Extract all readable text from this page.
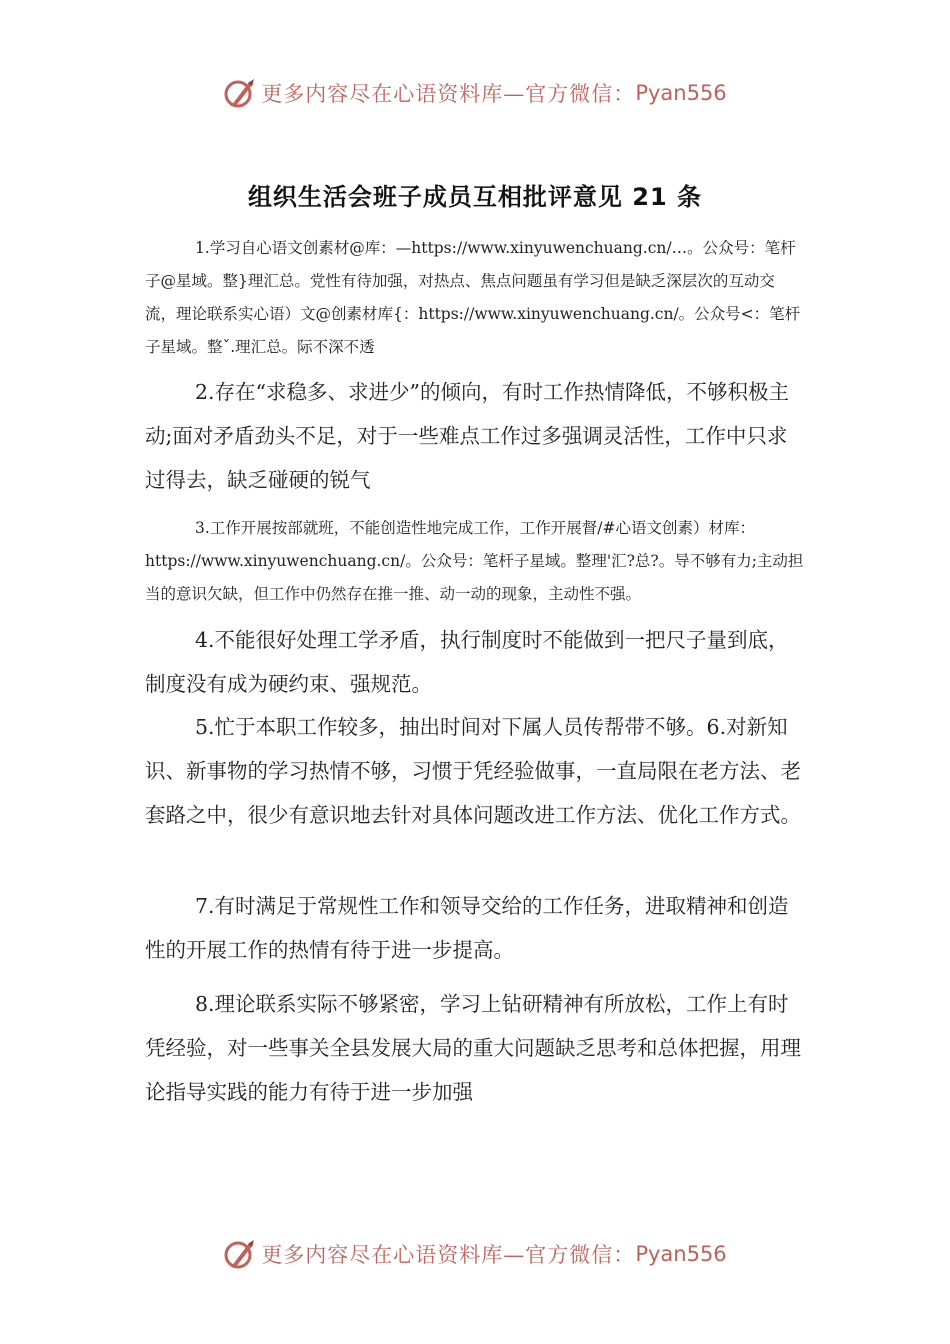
更多内容尽在心语资料库—官方微信： Pyan556
组织生活会班子成员互相批评意见 21 条

1.学习自心语文创素材@库：—https://www.xinyuwenchuang.cn/…。公众号：笔杆子@星域。整}理汇总。党性有待加强，对热点、焦点问题虽有学习但是缺乏深层次的互动交流，理论联系实心语）文@创素材库{：https://www.xinyuwenchuang.cn/。公众号<：笔杆子星域。整ˇ.理汇总。际不深不透

2.存在“求稳多、求进少”的倾向，有时工作热情降低，不够积极主动;面对矛盾劲头不足，对于一些难点工作过多强调灵活性，工作中只求过得去，缺乏碰硬的锐气

3.工作开展按部就班，不能创造性地完成工作，工作开展督/#心语文创素）材库：https://www.xinyuwenchuang.cn/。公众号：笔杆子星域。整理'汇?总?。导不够有力;主动担当的意识欠缺，但工作中仍然存在推一推、动一动的现象，主动性不强。

4.不能很好处理工学矛盾，执行制度时不能做到一把尺子量到底，制度没有成为硬约束、强规范。

5.忙于本职工作较多，抽出时间对下属人员传帮带不够。6.对新知识、新事物的学习热情不够，习惯于凭经验做事，一直局限在老方法、老套路之中，很少有意识地去针对具体问题改进工作方法、优化工作方式。

7.有时满足于常规性工作和领导交给的工作任务，进取精神和创造性的开展工作的热情有待于进一步提高。

8.理论联系实际不够紧密，学习上钻研精神有所放松，工作上有时凭经验，对一些事关全县发展大局的重大问题缺乏思考和总体把握，用理论指导实践的能力有待于进一步加强

更多内容尽在心语资料库—官方微信： Pyan556
